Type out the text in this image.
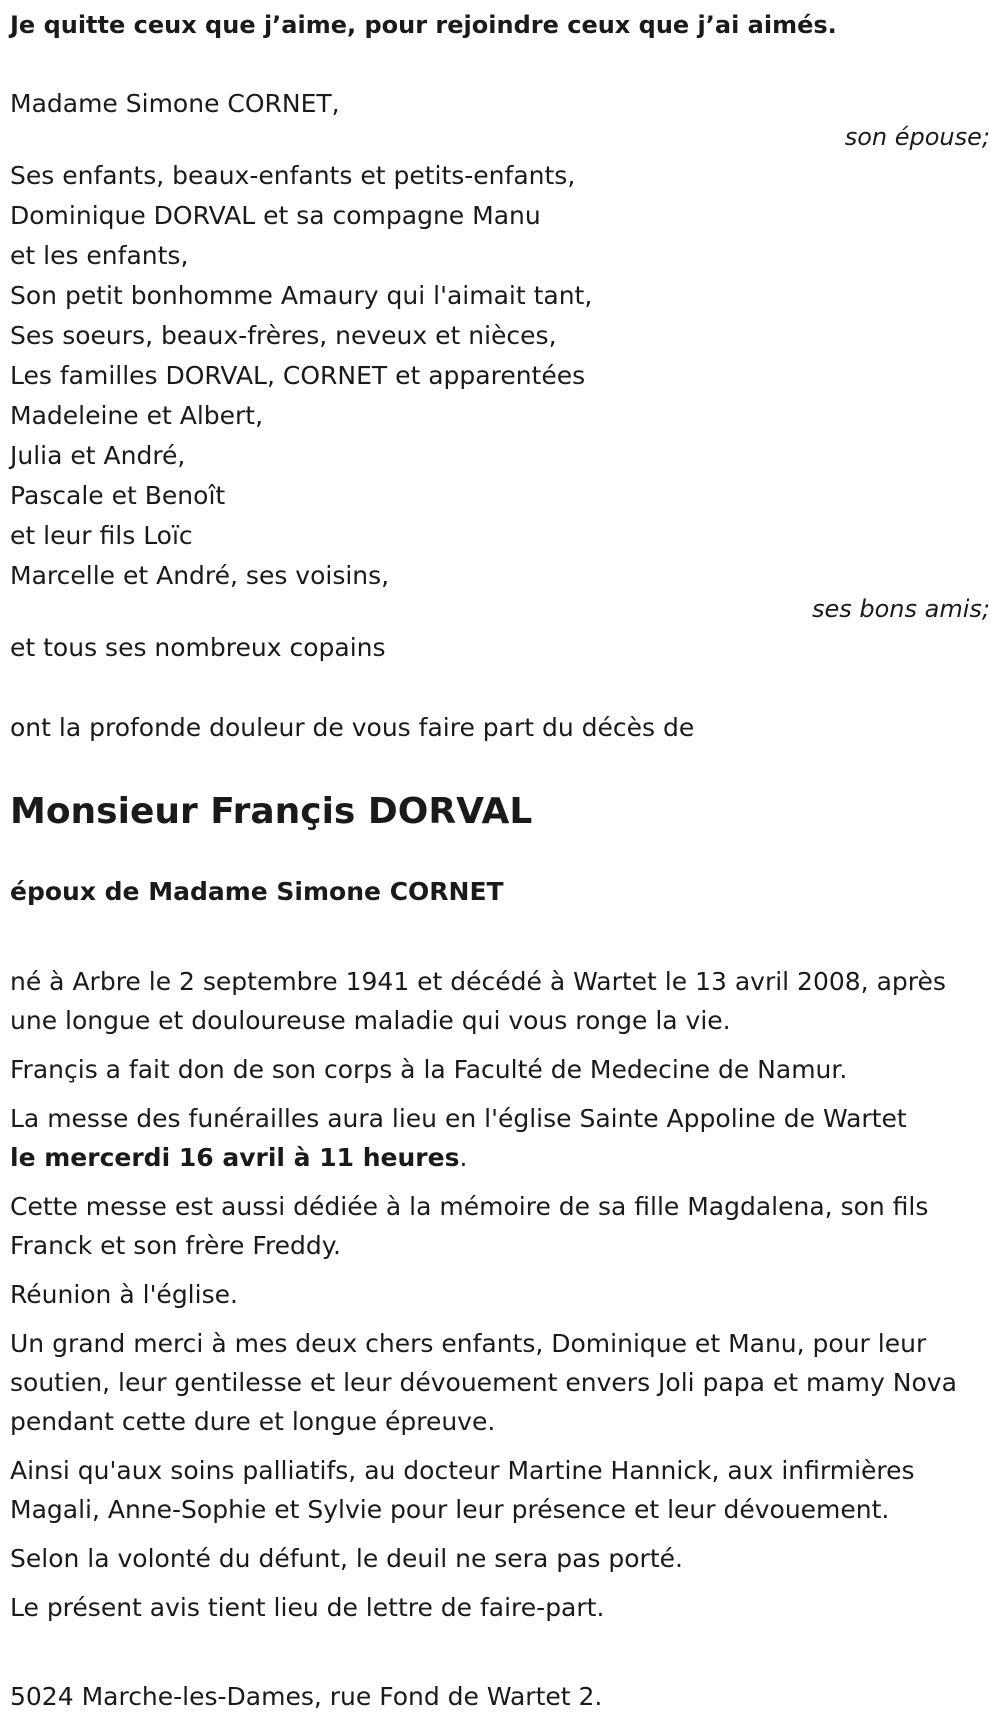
Je quitte ceux que j’aime, pour rejoindre ceux que j’ai aimés.

Madame Simone CORNET,

son épouse;

Ses enfants, beaux-enfants et petits-enfants,

Dominique DORVAL et sa compagne Manu

et les enfants,

Son petit bonhomme Amaury qui l'aimait tant,

Ses soeurs, beaux-frères, neveux et nièces,

Les familles DORVAL, CORNET et apparentées

Madeleine et Albert,

Julia et André,

Pascale et Benoît

et leur fils Loïc

Marcelle et André, ses voisins,

ses bons amis;

et tous ses nombreux copains

ont la profonde douleur de vous faire part du décès de

Monsieur Françis DORVAL

époux de Madame Simone CORNET

né à Arbre le 2 septembre 1941 et décédé à Wartet le 13 avril 2008, après une longue et douloureuse maladie qui vous ronge la vie.

Françis a fait don de son corps à la Faculté de Medecine de Namur.

La messe des funérailles aura lieu en l'église Sainte Appoline de Wartet
le mercerdi 16 avril à 11 heures.

Cette messe est aussi dédiée à la mémoire de sa fille Magdalena, son fils Franck et son frère Freddy.

Réunion à l'église.

Un grand merci à mes deux chers enfants, Dominique et Manu, pour leur soutien, leur gentilesse et leur dévouement envers Joli papa et mamy Nova pendant cette dure et longue épreuve.

Ainsi qu'aux soins palliatifs, au docteur Martine Hannick, aux infirmières Magali, Anne-Sophie et Sylvie pour leur présence et leur dévouement.

Selon la volonté du défunt, le deuil ne sera pas porté.

Le présent avis tient lieu de lettre de faire-part.

5024 Marche-les-Dames, rue Fond de Wartet 2.
